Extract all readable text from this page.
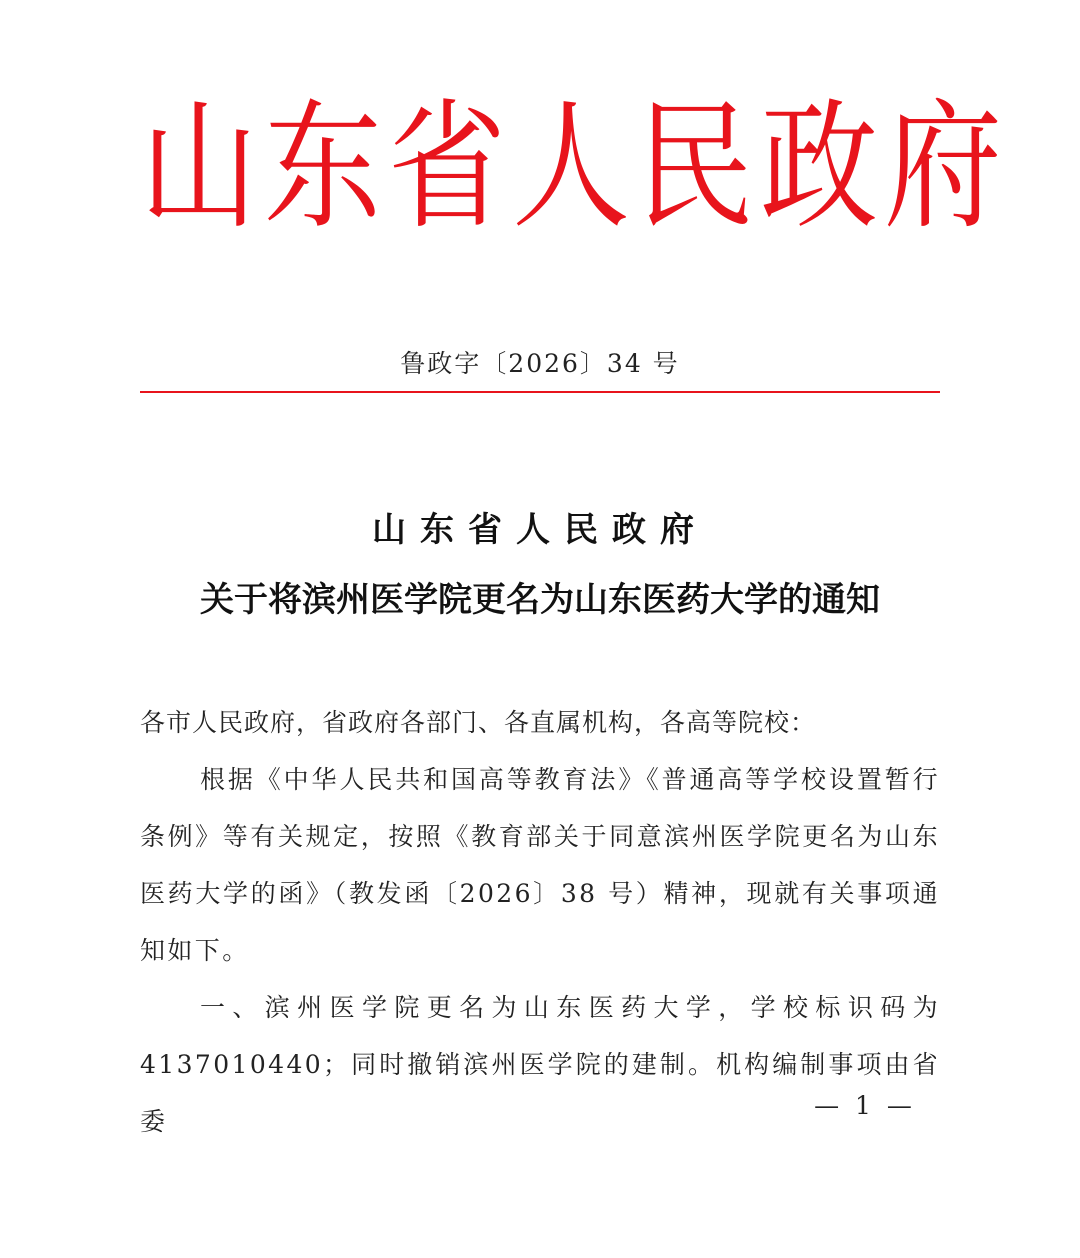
山东省人民政府
鲁政字〔2026〕34 号
山东省人民政府
关于将滨州医学院更名为山东医药大学的通知

各市人民政府，省政府各部门、各直属机构，各高等院校：

根据《中华人民共和国高等教育法》《普通高等学校设置暂行条例》等有关规定，按照《教育部关于同意滨州医学院更名为山东医药大学的函》（教发函〔2026〕38 号）精神，现就有关事项通知如下。

一、滨州医学院更名为山东医药大学，学校标识码为4137010440；同时撤销滨州医学院的建制。机构编制事项由省委

— 1 —
